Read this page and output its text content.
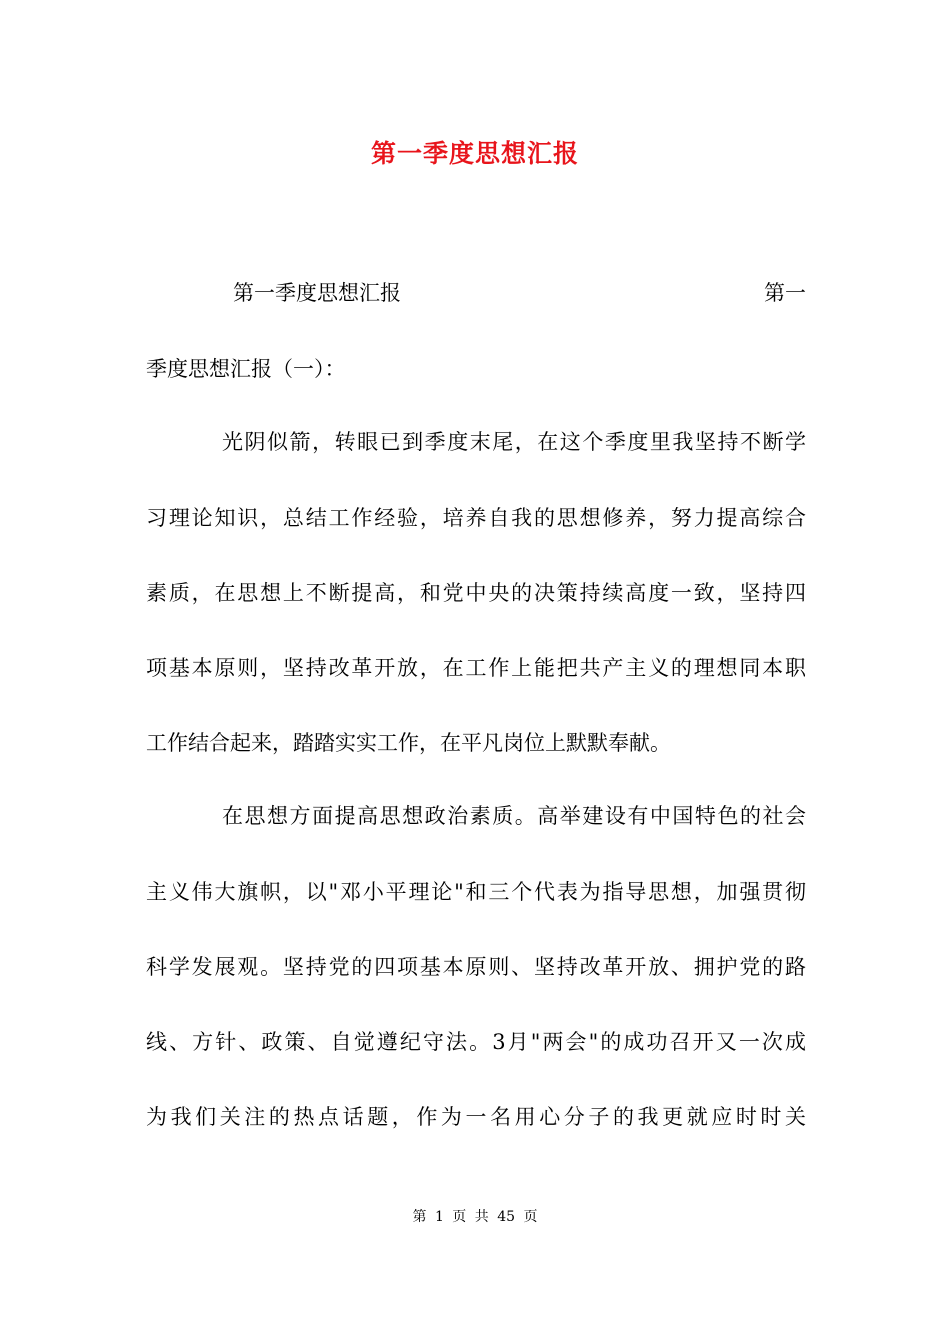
第一季度思想汇报
第一季度思想汇报	第一
季度思想汇报（一）：
光阴似箭，转眼已到季度末尾，在这个季度里我坚持不断学
习理论知识，总结工作经验，培养自我的思想修养，努力提高综合
素质，在思想上不断提高，和党中央的决策持续高度一致，坚持四
项基本原则，坚持改革开放，在工作上能把共产主义的理想同本职
工作结合起来，踏踏实实工作，在平凡岗位上默默奉献。
在思想方面提高思想政治素质。高举建设有中国特色的社会
主义伟大旗帜，以"邓小平理论"和三个代表为指导思想，加强贯彻
科学发展观。坚持党的四项基本原则、坚持改革开放、拥护党的路
线、方针、政策、自觉遵纪守法。3月"两会"的成功召开又一次成
为我们关注的热点话题，作为一名用心分子的我更就应时时关
第 1 页 共 45 页
